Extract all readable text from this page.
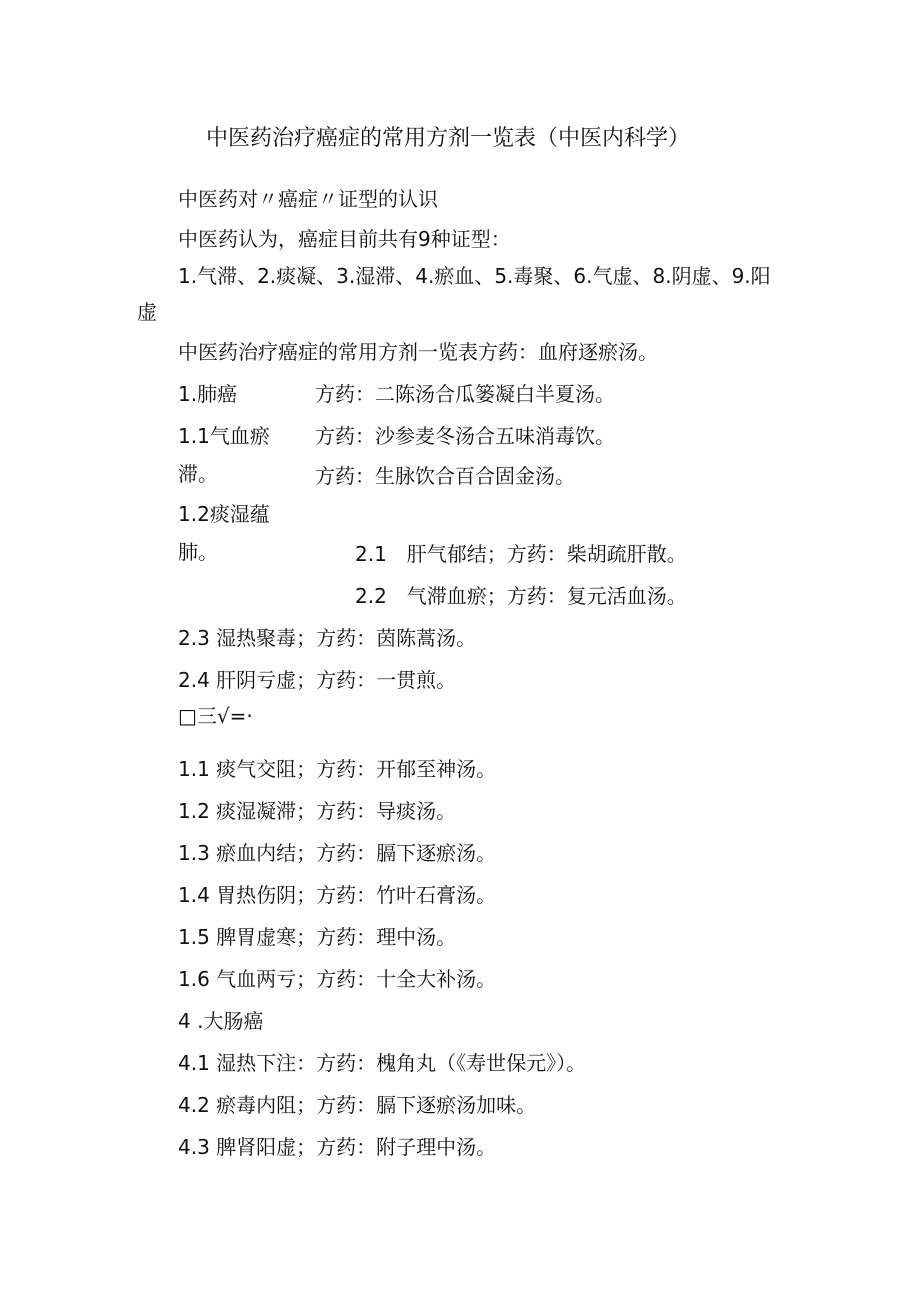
中医药治疗癌症的常用方剂一览表（中医内科学）
中医药对〃癌症〃证型的认识
中医药认为，癌症目前共有9种证型：
1.气滞、2.痰凝、3.湿滞、4.瘀血、5.毒聚、6.气虚、8.阴虚、9.阳
虚
中医药治疗癌症的常用方剂一览表方药：血府逐瘀汤。
1.肺癌	方药：二陈汤合瓜篓凝白半夏汤。
1.1气血瘀 方药：沙参麦冬汤合五味消毒饮。
滞。	方药：生脉饮合百合固金汤。
1.2痰湿蕴
肺。	2.1　肝气郁结；方药：柴胡疏肝散。
2.2　气滞血瘀；方药：复元活血汤。
2.3 湿热聚毒；方药：茵陈蒿汤。
2.4 肝阴亏虚；方药：一贯煎。
□三√=·
1.1 痰气交阻；方药：开郁至神汤。
1.2 痰湿凝滞；方药：导痰汤。
1.3 瘀血内结；方药：膈下逐瘀汤。
1.4 胃热伤阴；方药：竹叶石膏汤。
1.5 脾胃虚寒；方药：理中汤。
1.6 气血两亏；方药：十全大补汤。
4 .大肠癌
4.1 湿热下注：方药：槐角丸（《寿世保元》）。
4.2 瘀毒内阻；方药：膈下逐瘀汤加味。
4.3 脾肾阳虚；方药：附子理中汤。
